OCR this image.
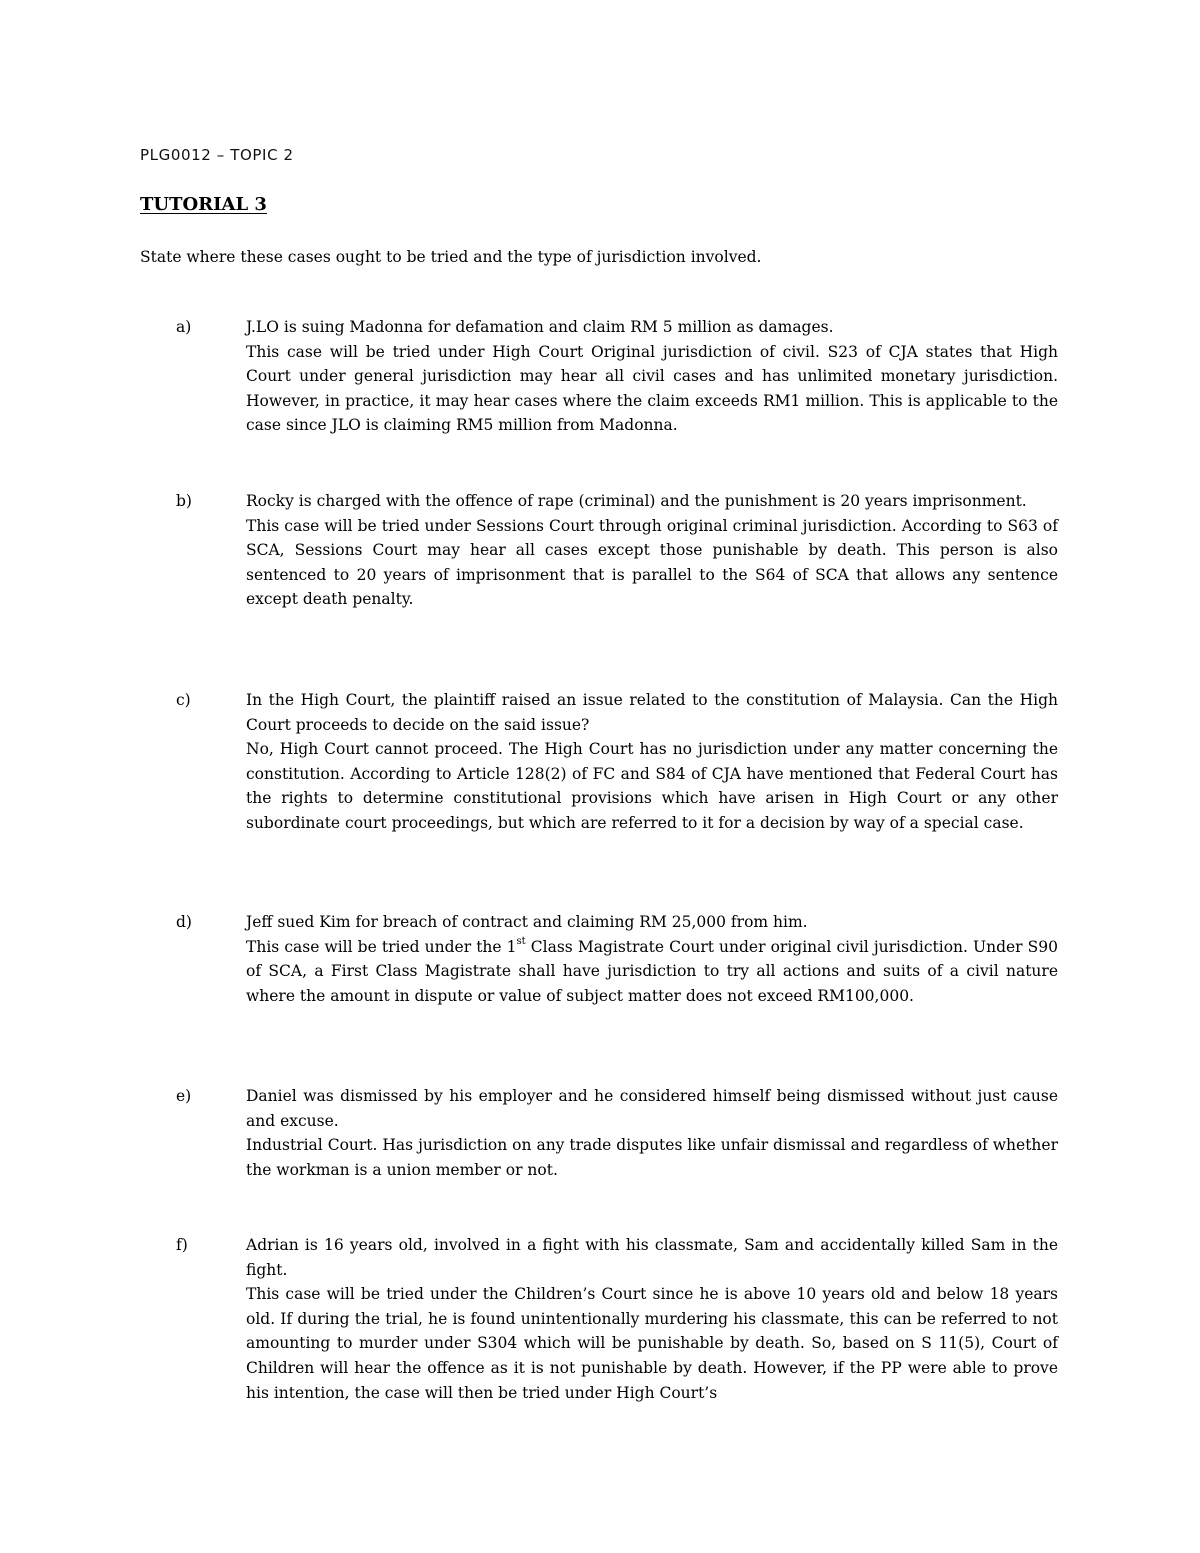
PLG0012 – TOPIC 2
TUTORIAL 3
State where these cases ought to be tried and the type of jurisdiction involved.
a)	J.LO is suing Madonna for defamation and claim RM 5 million as damages.

This case will be tried under High Court Original jurisdiction of civil. S23 of CJA states that High Court under general jurisdiction may hear all civil cases and has unlimited monetary jurisdiction. However, in practice, it may hear cases where the claim exceeds RM1 million. This is applicable to the case since JLO is claiming RM5 million from Madonna.

b)	Rocky is charged with the offence of rape (criminal) and the punishment is 20 years imprisonment.

This case will be tried under Sessions Court through original criminal jurisdiction. According to S63 of SCA, Sessions Court may hear all cases except those punishable by death. This person is also sentenced to 20 years of imprisonment that is parallel to the S64 of SCA that allows any sentence except death penalty.

c)	In the High Court, the plaintiff raised an issue related to the constitution of Malaysia. Can the High Court proceeds to decide on the said issue?

No, High Court cannot proceed. The High Court has no jurisdiction under any matter concerning the constitution. According to Article 128(2) of FC and S84 of CJA have mentioned that Federal Court has the rights to determine constitutional provisions which have arisen in High Court or any other subordinate court proceedings, but which are referred to it for a decision by way of a special case.

d)	Jeff sued Kim for breach of contract and claiming RM 25,000 from him.

This case will be tried under the 1st Class Magistrate Court under original civil jurisdiction. Under S90 of SCA, a First Class Magistrate shall have jurisdiction to try all actions and suits of a civil nature where the amount in dispute or value of subject matter does not exceed RM100,000.

e)	Daniel was dismissed by his employer and he considered himself being dismissed without just cause and excuse.

Industrial Court. Has jurisdiction on any trade disputes like unfair dismissal and regardless of whether the workman is a union member or not.

f)	Adrian is 16 years old, involved in a fight with his classmate, Sam and accidentally killed Sam in the fight.

This case will be tried under the Children’s Court since he is above 10 years old and below 18 years old. If during the trial, he is found unintentionally murdering his classmate, this can be referred to not amounting to murder under S304 which will be punishable by death. So, based on S 11(5), Court of Children will hear the offence as it is not punishable by death. However, if the PP were able to prove his intention, the case will then be tried under High Court’s
